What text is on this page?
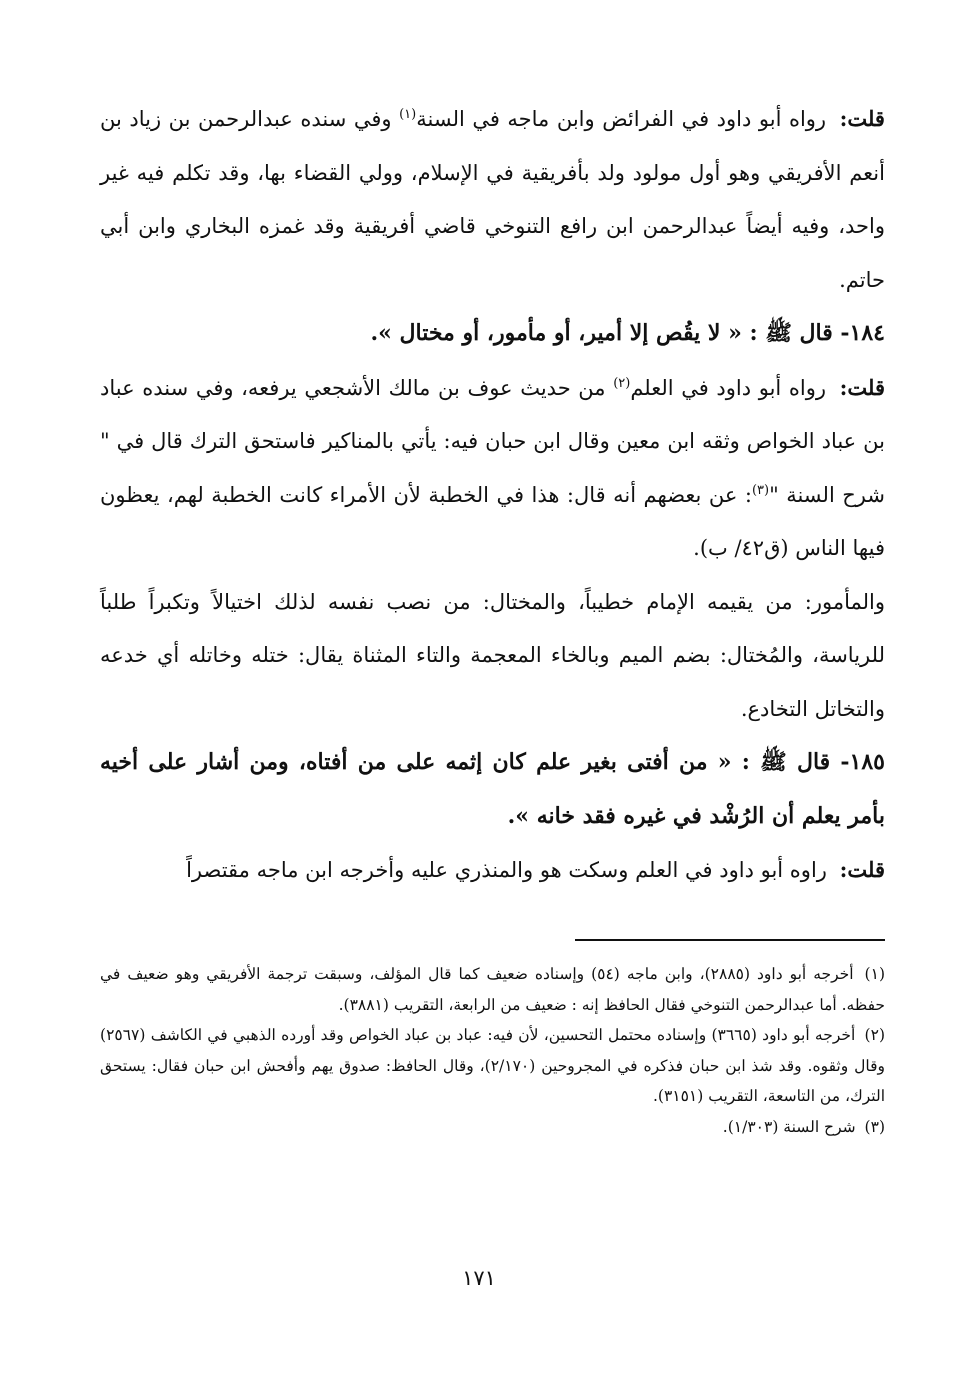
قلت: رواه أبو داود في الفرائض وابن ماجه في السنة$^{(١)}$ وفي سنده عبدالرحمن بن زياد بن أنعم الأفريقي وهو أول مولود ولد بأفريقية في الإسلام، وولي القضاء بها، وقد تكلم فيه غير واحد، وفيه أيضاً عبدالرحمن ابن رافع التنوخي قاضي أفريقية وقد غمزه البخاري وابن أبي حاتم.

١٨٤- قال ﷺ : « لا يقُص إلا أمير، أو مأمور، أو مختال ».

قلت: رواه أبو داود في العلم$^{(٢)}$ من حديث عوف بن مالك الأشجعي يرفعه، وفي سنده عباد بن عباد الخواص وثقه ابن معين وقال ابن حبان فيه: يأتي بالمناكير فاستحق الترك قال في " شرح السنة "$^{(٣)}$: عن بعضهم أنه قال: هذا في الخطبة لأن الأمراء كانت الخطبة لهم، يعظون فيها الناس (ق٤٢/ ب).

والمأمور: من يقيمه الإمام خطيباً، والمختال: من نصب نفسه لذلك اختيالاً وتكبراً طلباً للرياسة، والمُختال: بضم الميم وبالخاء المعجمة والتاء المثناة يقال: ختله وخاتله أي خدعه والتخاتل التخادع.

١٨٥- قال ﷺ : « من أفتى بغير علم كان إثمه على من أفتاه، ومن أشار على أخيه بأمر يعلم أن الرُشْد في غيره فقد خانه ».

قلت: راوه أبو داود في العلم وسكت هو والمنذري عليه وأخرجه ابن ماجه مقتصراً

(١) أخرجه أبو داود (٢٨٨٥)، وابن ماجه (٥٤) وإسناده ضعيف كما قال المؤلف، وسبقت ترجمة الأفريقي وهو ضعيف في حفظه. أما عبدالرحمن التنوخي فقال الحافظ إنه : ضعيف من الرابعة، التقريب (٣٨٨١).

(٢) أخرجه أبو داود (٣٦٦٥) وإسناده محتمل التحسين، لأن فيه: عباد بن عباد الخواص وقد أورده الذهبي في الكاشف (٢٥٦٧) وقال وثقوه. وقد شذ ابن حبان فذكره في المجروحين (٢/١٧٠)، وقال الحافظ: صدوق يهم وأفحش ابن حبان فقال: يستحق الترك، من التاسعة، التقريب (٣١٥١).

(٣) شرح السنة (١/٣٠٣).

١٧١
